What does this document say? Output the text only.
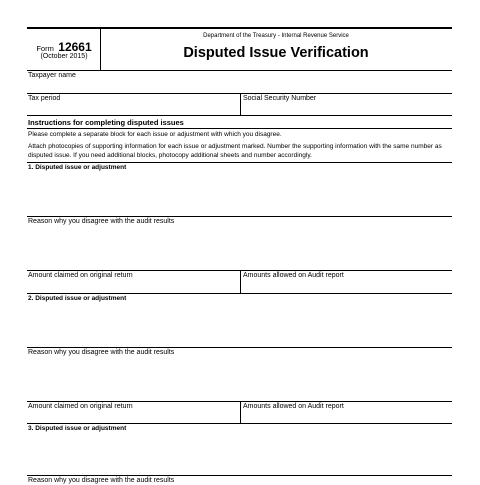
Form 12661
(October 2015)
Department of the Treasury - Internal Revenue Service
Disputed Issue Verification
Taxpayer name
Tax period	Social Security Number
Instructions for completing disputed issues
Please complete a separate block for each issue or adjustment with which you disagree.
Attach photocopies of supporting information for each issue or adjustment marked. Number the supporting information with the same number as disputed issue. If you need additional blocks, photocopy additional sheets and number accordingly.
1. Disputed issue or adjustment
Reason why you disagree with the audit results
Amount claimed on original return	Amounts allowed on Audit report
2. Disputed issue or adjustment
Reason why you disagree with the audit results
Amount claimed on original return	Amounts allowed on Audit report
3. Disputed issue or adjustment
Reason why you disagree with the audit results
